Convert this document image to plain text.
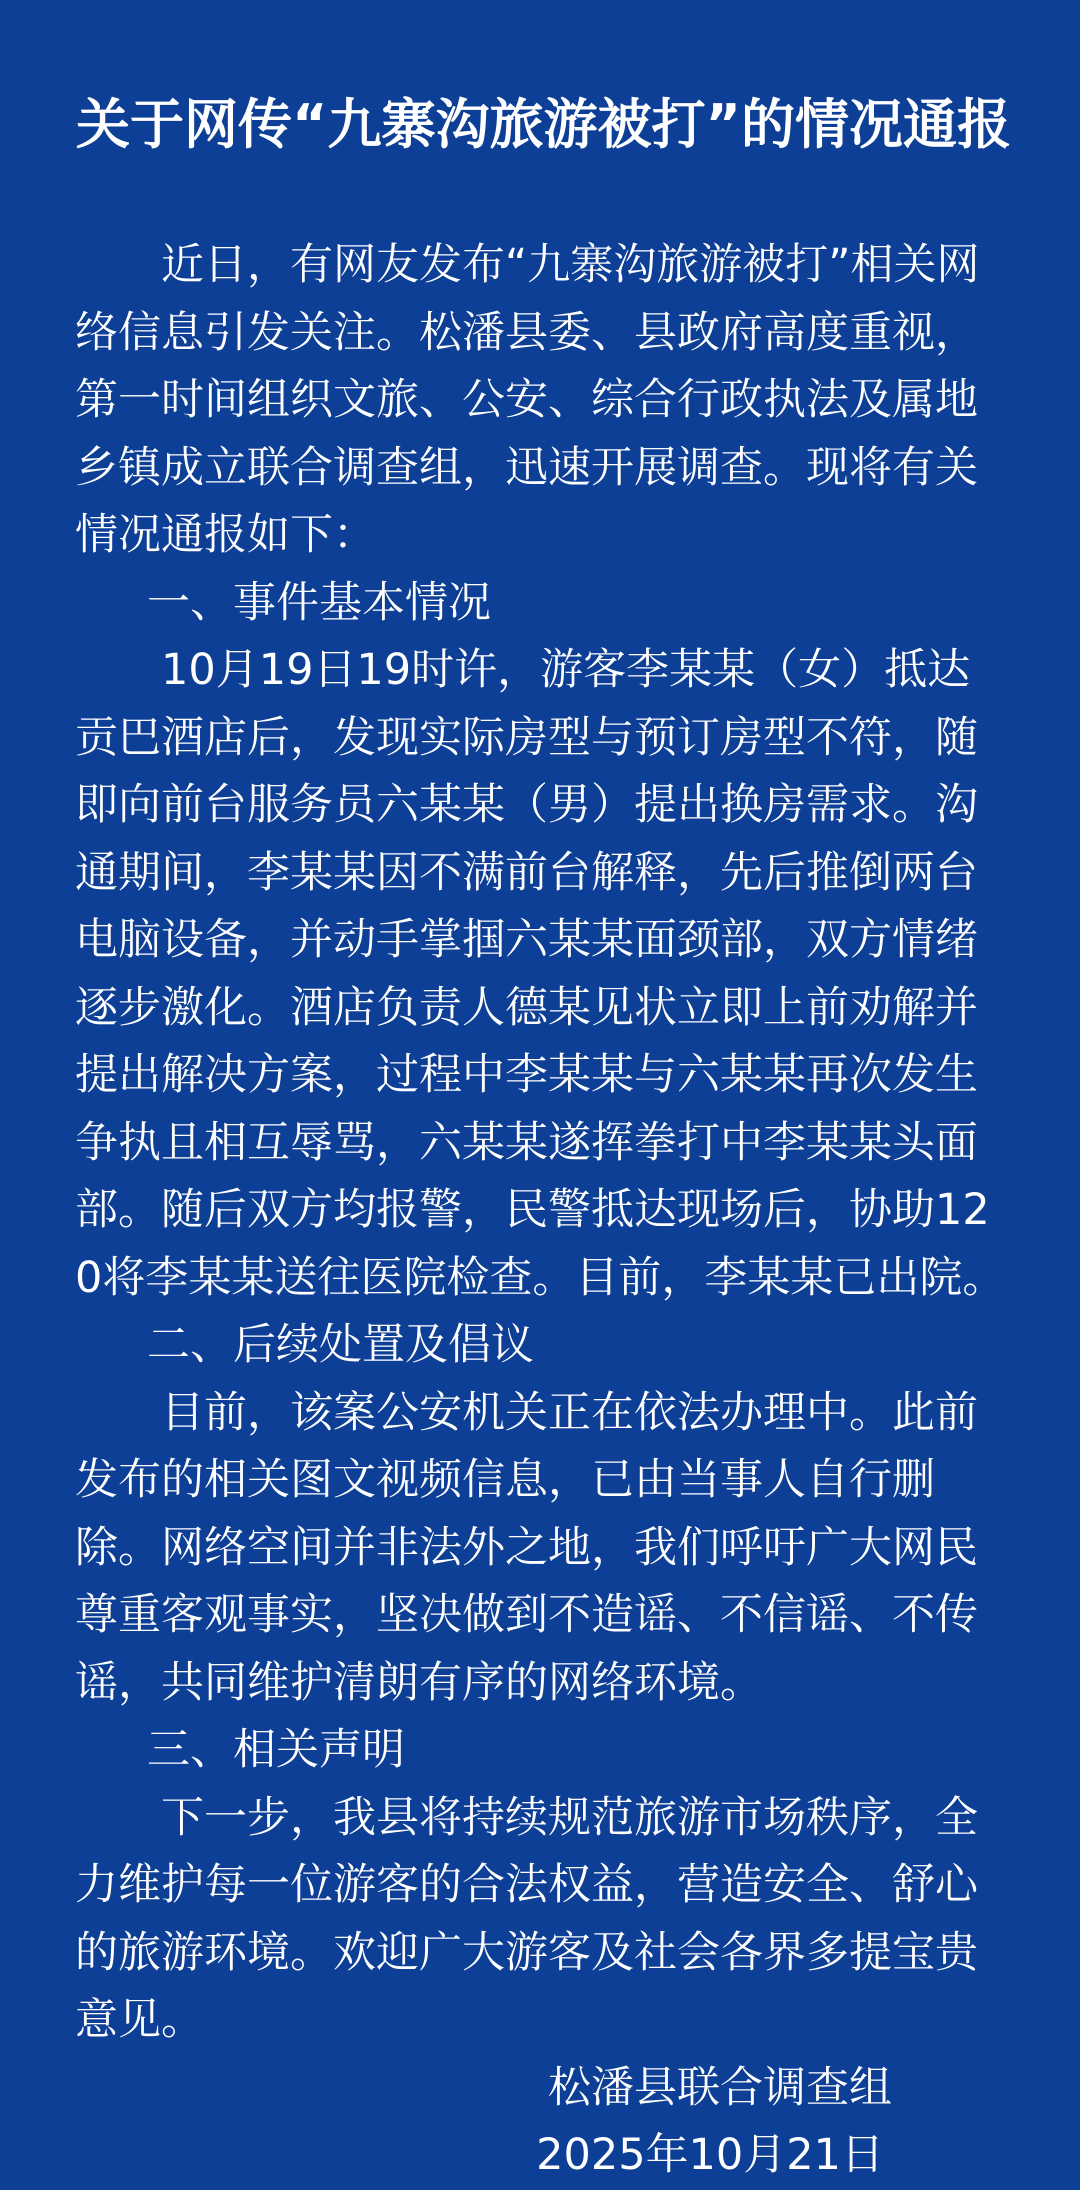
关于网传“九寨沟旅游被打”的情况通报

近日，有网友发布“九寨沟旅游被打”相关网络信息引发关注。松潘县委、县政府高度重视，第一时间组织文旅、公安、综合行政执法及属地乡镇成立联合调查组，迅速开展调查。现将有关情况通报如下：

一、事件基本情况

10月19日19时许，游客李某某（女）抵达贡巴酒店后，发现实际房型与预订房型不符，随即向前台服务员六某某（男）提出换房需求。沟通期间，李某某因不满前台解释，先后推倒两台电脑设备，并动手掌掴六某某面颈部，双方情绪逐步激化。酒店负责人德某见状立即上前劝解并提出解决方案，过程中李某某与六某某再次发生争执且相互辱骂，六某某遂挥拳打中李某某头面部。随后双方均报警，民警抵达现场后，协助120将李某某送往医院检查。目前，李某某已出院。

二、后续处置及倡议

目前，该案公安机关正在依法办理中。此前发布的相关图文视频信息，已由当事人自行删除。网络空间并非法外之地，我们呼吁广大网民尊重客观事实，坚决做到不造谣、不信谣、不传谣，共同维护清朗有序的网络环境。

三、相关声明

下一步，我县将持续规范旅游市场秩序，全力维护每一位游客的合法权益，营造安全、舒心的旅游环境。欢迎广大游客及社会各界多提宝贵意见。

松潘县联合调查组

2025年10月21日
